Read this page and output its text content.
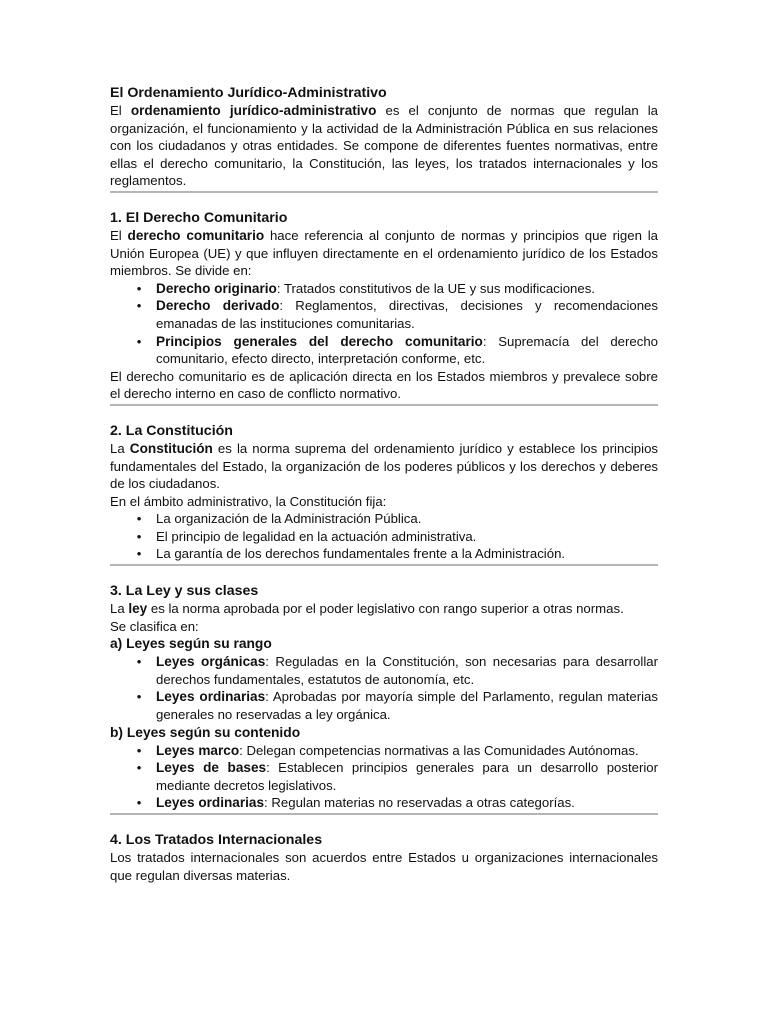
El Ordenamiento Jurídico-Administrativo

El ordenamiento jurídico-administrativo es el conjunto de normas que regulan la organización, el funcionamiento y la actividad de la Administración Pública en sus relaciones con los ciudadanos y otras entidades. Se compone de diferentes fuentes normativas, entre ellas el derecho comunitario, la Constitución, las leyes, los tratados internacionales y los reglamentos.

1. El Derecho Comunitario

El derecho comunitario hace referencia al conjunto de normas y principios que rigen la Unión Europea (UE) y que influyen directamente en el ordenamiento jurídico de los Estados miembros. Se divide en:

• Derecho originario: Tratados constitutivos de la UE y sus modificaciones.
• Derecho derivado: Reglamentos, directivas, decisiones y recomendaciones emanadas de las instituciones comunitarias.
• Principios generales del derecho comunitario: Supremacía del derecho comunitario, efecto directo, interpretación conforme, etc.

El derecho comunitario es de aplicación directa en los Estados miembros y prevalece sobre el derecho interno en caso de conflicto normativo.

2. La Constitución

La Constitución es la norma suprema del ordenamiento jurídico y establece los principios fundamentales del Estado, la organización de los poderes públicos y los derechos y deberes de los ciudadanos.

En el ámbito administrativo, la Constitución fija:

• La organización de la Administración Pública.
• El principio de legalidad en la actuación administrativa.
• La garantía de los derechos fundamentales frente a la Administración.
3. La Ley y sus clases

La ley es la norma aprobada por el poder legislativo con rango superior a otras normas.

Se clasifica en:

a) Leyes según su rango
• Leyes orgánicas: Reguladas en la Constitución, son necesarias para desarrollar derechos fundamentales, estatutos de autonomía, etc.
• Leyes ordinarias: Aprobadas por mayoría simple del Parlamento, regulan materias generales no reservadas a ley orgánica.
b) Leyes según su contenido
• Leyes marco: Delegan competencias normativas a las Comunidades Autónomas.
• Leyes de bases: Establecen principios generales para un desarrollo posterior mediante decretos legislativos.
• Leyes ordinarias: Regulan materias no reservadas a otras categorías.
4. Los Tratados Internacionales

Los tratados internacionales son acuerdos entre Estados u organizaciones internacionales que regulan diversas materias.
